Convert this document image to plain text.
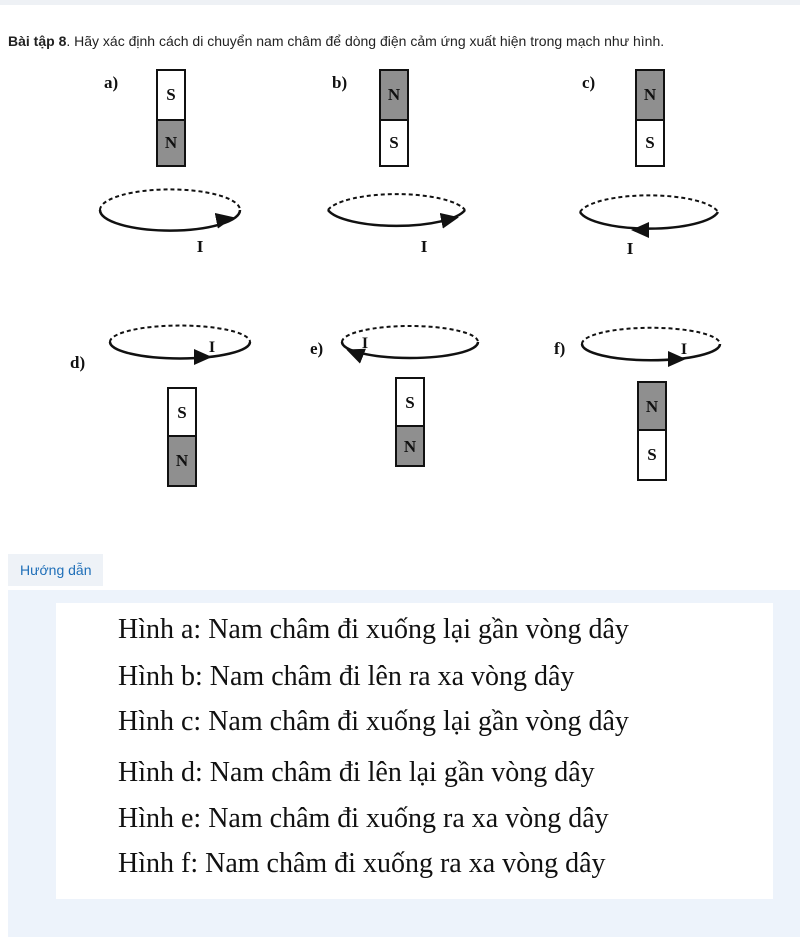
Bài tập 8. Hãy xác định cách di chuyển nam châm để dòng điện cảm ứng xuất hiện trong mạch như hình.
a)
S
N
I
b)
N
S
I
c)
N
S
I
d)
I
S
N
e) I
S
N
f)	I
N
S
Hướng dẫn
Hình a: Nam châm đi xuống lại gần vòng dây
Hình b: Nam châm đi lên ra xa vòng dây
Hình c: Nam châm đi xuống lại gần vòng dây
Hình d: Nam châm đi lên lại gần vòng dây
Hình e: Nam châm đi xuống ra xa vòng dây
Hình f: Nam châm đi xuống ra xa vòng dây
